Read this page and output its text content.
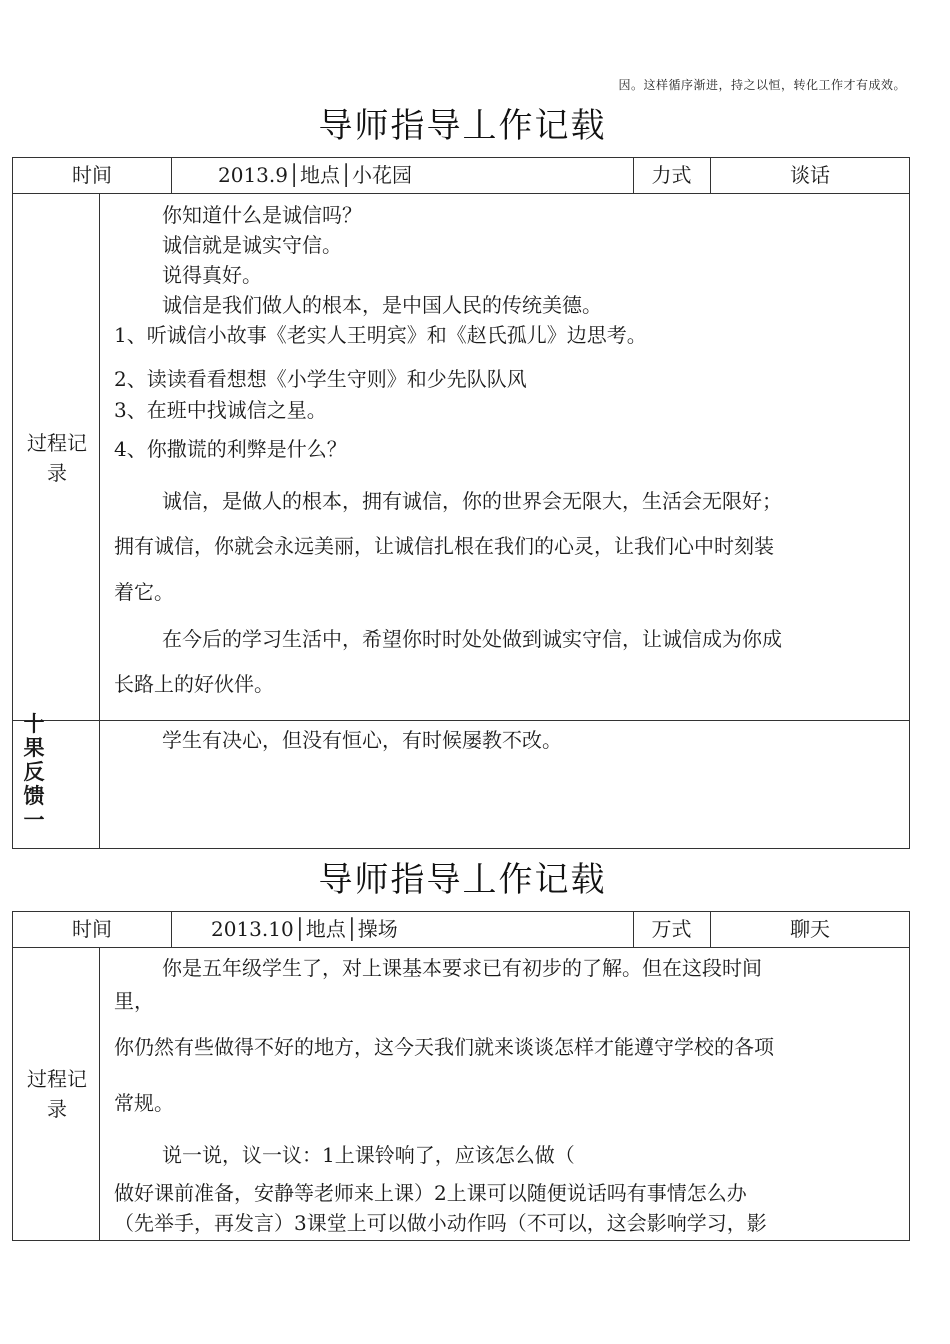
因。这样循序渐进，持之以恒，转化工作才有成效。
导师指导丄作记载
时间	2013.9│地点│小花园	力式	谈话
过程记
录
你知道什么是诚信吗？
诚信就是诚实守信。
说得真好。
诚信是我们做人的根本，是中国人民的传统美德。
1、听诚信小故事《老实人王明宾》和《赵氏孤儿》边思考。
2、读读看看想想《小学生守则》和少先队队风
3、在班中找诚信之星。
4、你撒谎的利弊是什么？
诚信，是做人的根本，拥有诚信，你的世界会无限大，生活会无限好；
拥有诚信，你就会永远美丽，让诚信扎根在我们的心灵，让我们心中时刻装
着它。
在今后的学习生活中，希望你时时处处做到诚实守信，让诚信成为你成
长路上的好伙伴。
十
果
反
馈
一
学生有决心，但没有恒心，有时候屡教不改。
导师指导丄作记载
时间	2013.10│地点│操场	万式	聊天
过程记
录
你是五年级学生了，对上课基本要求已有初步的了解。但在这段时间
里，
你仍然有些做得不好的地方，这今天我们就来谈谈怎样才能遵守学校的各项
常规。
说一说，议一议：1上课铃响了，应该怎么做（
做好课前准备，安静等老师来上课）2上课可以随便说话吗有事情怎么办
（先举手，再发言）3课堂上可以做小动作吗（不可以，这会影响学习，影
